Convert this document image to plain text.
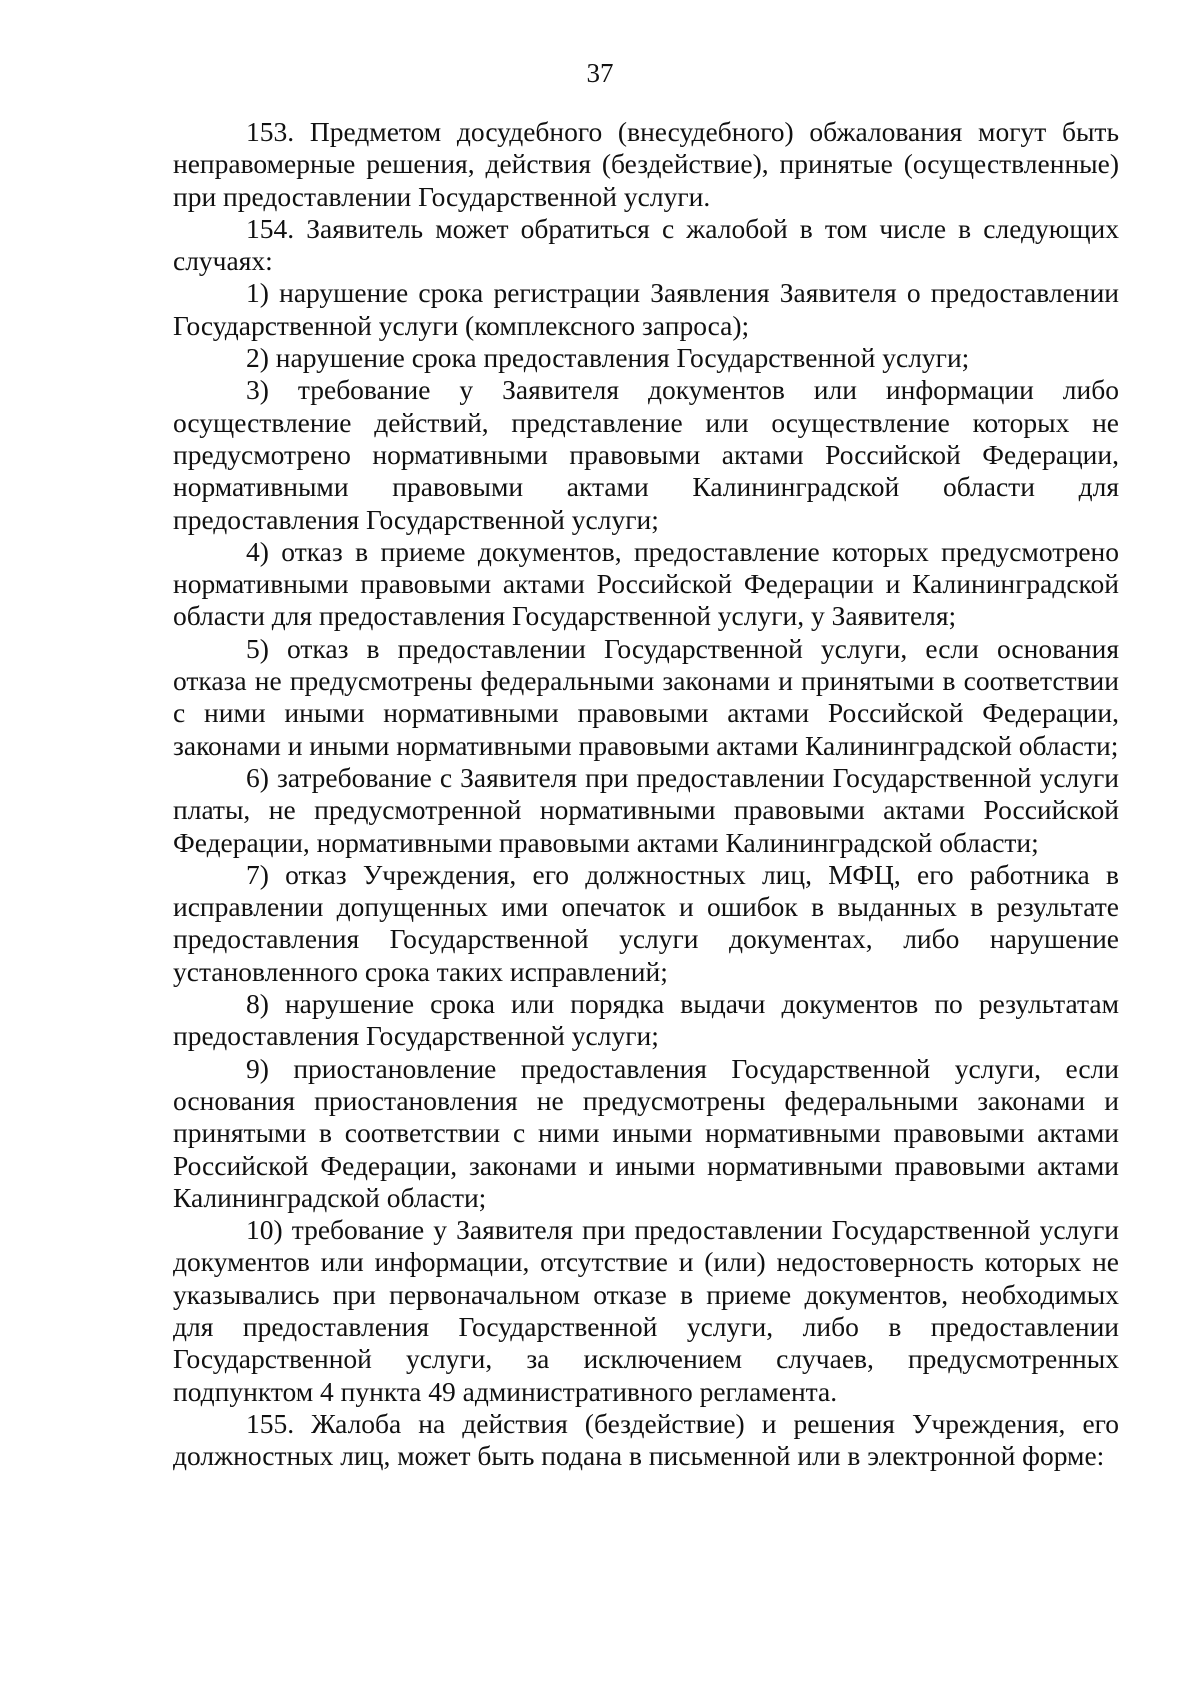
37

153. Предметом досудебного (внесудебного) обжалования могут быть неправомерные решения, действия (бездействие), принятые (осуществленные) при предоставлении Государственной услуги.

154. Заявитель может обратиться с жалобой в том числе в следующих случаях:

1) нарушение срока регистрации Заявления Заявителя о предоставлении Государственной услуги (комплексного запроса);

2) нарушение срока предоставления Государственной услуги;

3) требование у Заявителя документов или информации либо осуществление действий, представление или осуществление которых не предусмотрено нормативными правовыми актами Российской Федерации, нормативными правовыми актами Калининградской области для предоставления Государственной услуги;

4) отказ в приеме документов, предоставление которых предусмотрено нормативными правовыми актами Российской Федерации и Калининградской области для предоставления Государственной услуги, у Заявителя;

5) отказ в предоставлении Государственной услуги, если основания отказа не предусмотрены федеральными законами и принятыми в соответствии с ними иными нормативными правовыми актами Российской Федерации, законами и иными нормативными правовыми актами Калининградской области;

6) затребование с Заявителя при предоставлении Государственной услуги платы, не предусмотренной нормативными правовыми актами Российской Федерации, нормативными правовыми актами Калининградской области;

7) отказ Учреждения, его должностных лиц, МФЦ, его работника в исправлении допущенных ими опечаток и ошибок в выданных в результате предоставления Государственной услуги документах, либо нарушение установленного срока таких исправлений;

8) нарушение срока или порядка выдачи документов по результатам предоставления Государственной услуги;

9) приостановление предоставления Государственной услуги, если основания приостановления не предусмотрены федеральными законами и принятыми в соответствии с ними иными нормативными правовыми актами Российской Федерации, законами и иными нормативными правовыми актами Калининградской области;

10) требование у Заявителя при предоставлении Государственной услуги документов или информации, отсутствие и (или) недостоверность которых не указывались при первоначальном отказе в приеме документов, необходимых для предоставления Государственной услуги, либо в предоставлении Государственной услуги, за исключением случаев, предусмотренных подпунктом 4 пункта 49 административного регламента.

155. Жалоба на действия (бездействие) и решения Учреждения, его должностных лиц, может быть подана в письменной или в электронной форме:
